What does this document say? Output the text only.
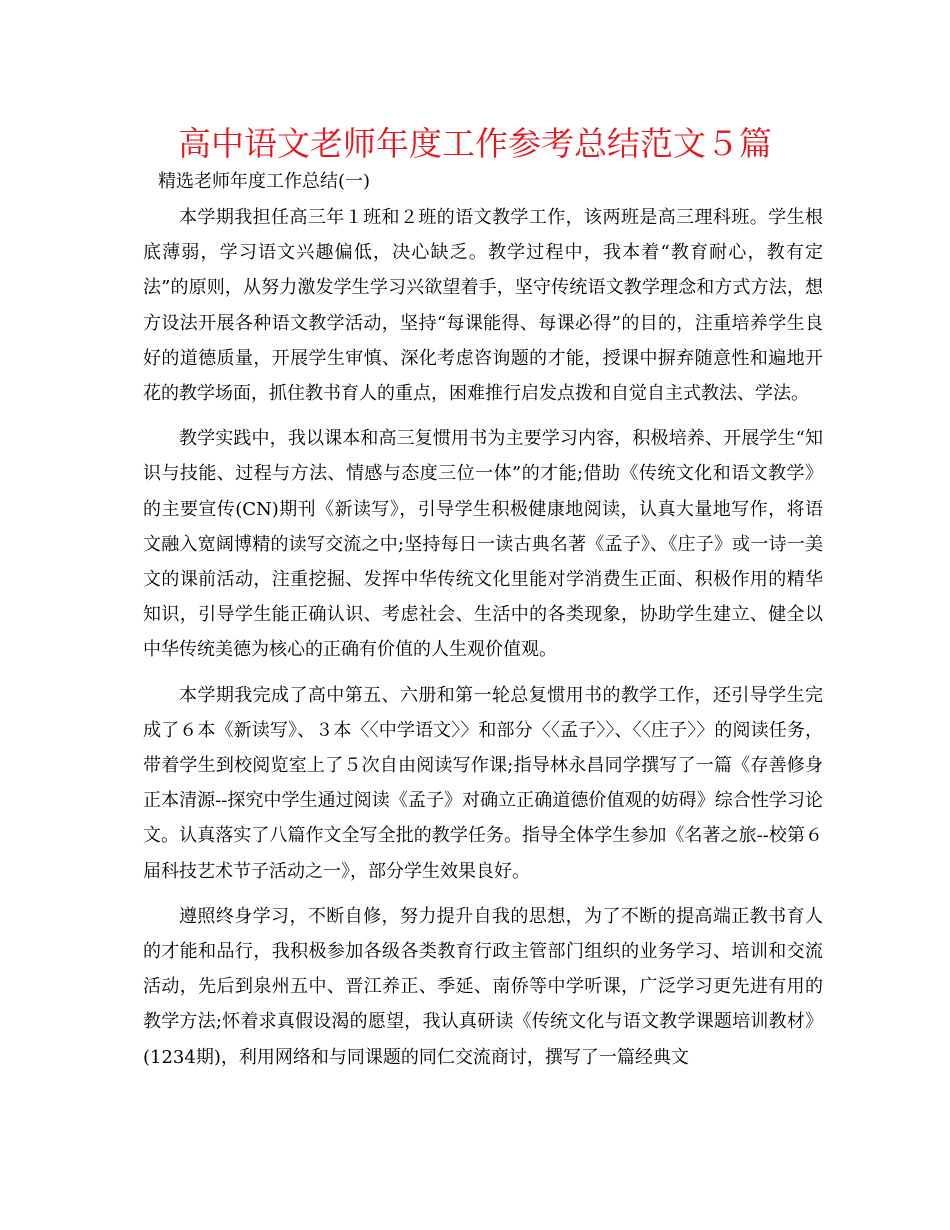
高中语文老师年度工作参考总结范文５篇

精选老师年度工作总结(一)

本学期我担任高三年１班和２班的语文教学工作，该两班是高三理科班。学生根底薄弱，学习语文兴趣偏低，决心缺乏。教学过程中，我本着“教育耐心，教有定法”的原则，从努力激发学生学习兴欲望着手，坚守传统语文教学理念和方式方法，想方设法开展各种语文教学活动，坚持“每课能得、每课必得”的目的，注重培养学生良好的道德质量，开展学生审慎、深化考虑咨询题的才能，授课中摒弃随意性和遍地开花的教学场面，抓住教书育人的重点，困难推行启发点拨和自觉自主式教法、学法。

教学实践中，我以课本和高三复惯用书为主要学习内容，积极培养、开展学生“知识与技能、过程与方法、情感与态度三位一体”的才能;借助《传统文化和语文教学》的主要宣传(CN)期刊《新读写》，引导学生积极健康地阅读，认真大量地写作，将语文融入宽阔博精的读写交流之中;坚持每日一读古典名著《孟子》、《庄子》或一诗一美文的课前活动，注重挖掘、发挥中华传统文化里能对学消费生正面、积极作用的精华知识，引导学生能正确认识、考虑社会、生活中的各类现象，协助学生建立、健全以中华传统美德为核心的正确有价值的人生观价值观。

本学期我完成了高中第五、六册和第一轮总复惯用书的教学工作，还引导学生完成了６本《新读写》、３本〈〈中学语文〉〉和部分〈〈孟子〉〉、〈〈庄子〉〉的阅读任务，带着学生到校阅览室上了５次自由阅读写作课;指导林永昌同学撰写了一篇《存善修身正本清源--探究中学生通过阅读《孟子》对确立正确道德价值观的妨碍》综合性学习论文。认真落实了八篇作文全写全批的教学任务。指导全体学生参加《名著之旅--校第６届科技艺术节子活动之一》，部分学生效果良好。

遵照终身学习，不断自修，努力提升自我的思想，为了不断的提高端正教书育人的才能和品行，我积极参加各级各类教育行政主管部门组织的业务学习、培训和交流活动，先后到泉州五中、晋江养正、季延、南侨等中学听课，广泛学习更先进有用的教学方法;怀着求真假设渴的愿望，我认真研读《传统文化与语文教学课题培训教材》(1234期)，利用网络和与同课题的同仁交流商讨，撰写了一篇经典文
